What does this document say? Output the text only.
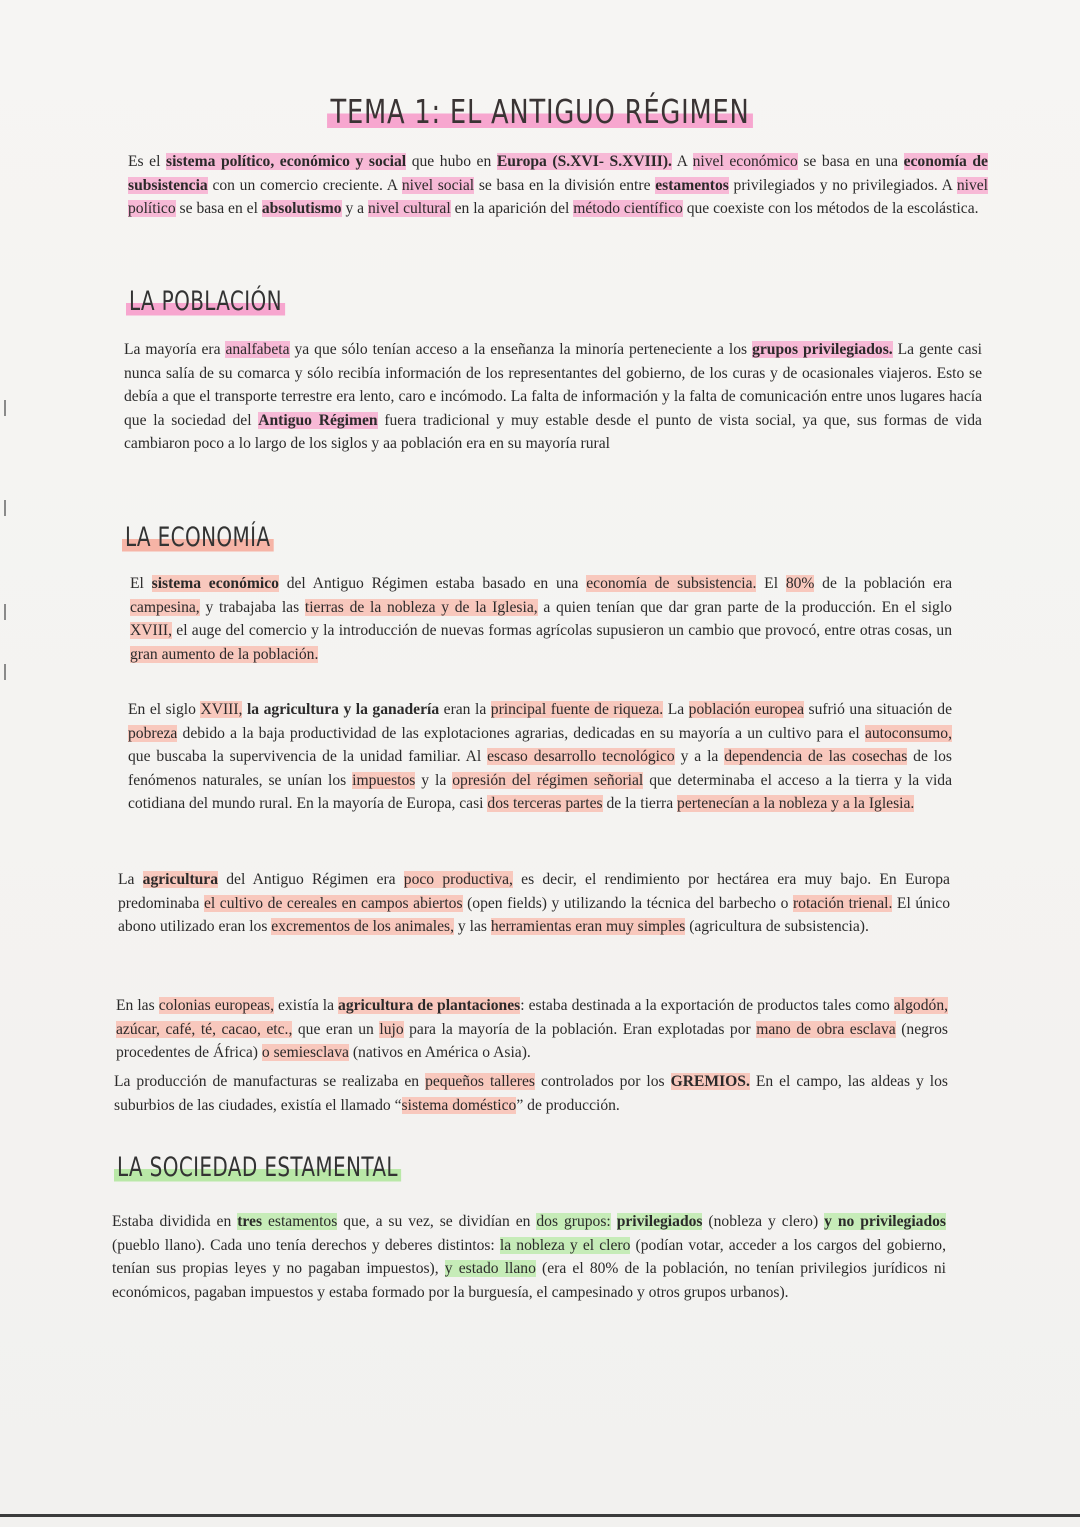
TEMA 1: EL ANTIGUO RÉGIMEN

Es el sistema político, económico y social que hubo en Europa (S.XVI- S.XVIII). A nivel económico se basa en una economía de subsistencia con un comercio creciente. A nivel social se basa en la división entre estamentos privilegiados y no privilegiados. A nivel político se basa en el absolutismo y a nivel cultural en la aparición del método científico que coexiste con los métodos de la escolástica.

LA POBLACIÓN

La mayoría era analfabeta ya que sólo tenían acceso a la enseñanza la minoría perteneciente a los grupos privilegiados. La gente casi nunca salía de su comarca y sólo recibía información de los representantes del gobierno, de los curas y de ocasionales viajeros. Esto se debía a que el transporte terrestre era lento, caro e incómodo. La falta de información y la falta de comunicación entre unos lugares hacía que la sociedad del Antiguo Régimen fuera tradicional y muy estable desde el punto de vista social, ya que, sus formas de vida cambiaron poco a lo largo de los siglos y aa población era en su mayoría rural

LA ECONOMÍA

El sistema económico del Antiguo Régimen estaba basado en una economía de subsistencia. El 80% de la población era campesina, y trabajaba las tierras de la nobleza y de la Iglesia, a quien tenían que dar gran parte de la producción. En el siglo XVIII, el auge del comercio y la introducción de nuevas formas agrícolas supusieron un cambio que provocó, entre otras cosas, un gran aumento de la población.

En el siglo XVIII, la agricultura y la ganadería eran la principal fuente de riqueza. La población europea sufrió una situación de pobreza debido a la baja productividad de las explotaciones agrarias, dedicadas en su mayoría a un cultivo para el autoconsumo, que buscaba la supervivencia de la unidad familiar. Al escaso desarrollo tecnológico y a la dependencia de las cosechas de los fenómenos naturales, se unían los impuestos y la opresión del régimen señorial que determinaba el acceso a la tierra y la vida cotidiana del mundo rural. En la mayoría de Europa, casi dos terceras partes de la tierra pertenecían a la nobleza y a la Iglesia.

La agricultura del Antiguo Régimen era poco productiva, es decir, el rendimiento por hectárea era muy bajo. En Europa predominaba el cultivo de cereales en campos abiertos (open fields) y utilizando la técnica del barbecho o rotación trienal. El único abono utilizado eran los excrementos de los animales, y las herramientas eran muy simples (agricultura de subsistencia).

En las colonias europeas, existía la agricultura de plantaciones: estaba destinada a la exportación de productos tales como algodón, azúcar, café, té, cacao, etc., que eran un lujo para la mayoría de la población. Eran explotadas por mano de obra esclava (negros procedentes de África) o semiesclava (nativos en América o Asia).

La producción de manufacturas se realizaba en pequeños talleres controlados por los GREMIOS. En el campo, las aldeas y los suburbios de las ciudades, existía el llamado “sistema doméstico” de producción.

LA SOCIEDAD ESTAMENTAL

Estaba dividida en tres estamentos que, a su vez, se dividían en dos grupos: privilegiados (nobleza y clero) y no privilegiados (pueblo llano). Cada uno tenía derechos y deberes distintos: la nobleza y el clero (podían votar, acceder a los cargos del gobierno, tenían sus propias leyes y no pagaban impuestos), y estado llano (era el 80% de la población, no tenían privilegios jurídicos ni económicos, pagaban impuestos y estaba formado por la burguesía, el campesinado y otros grupos urbanos).
